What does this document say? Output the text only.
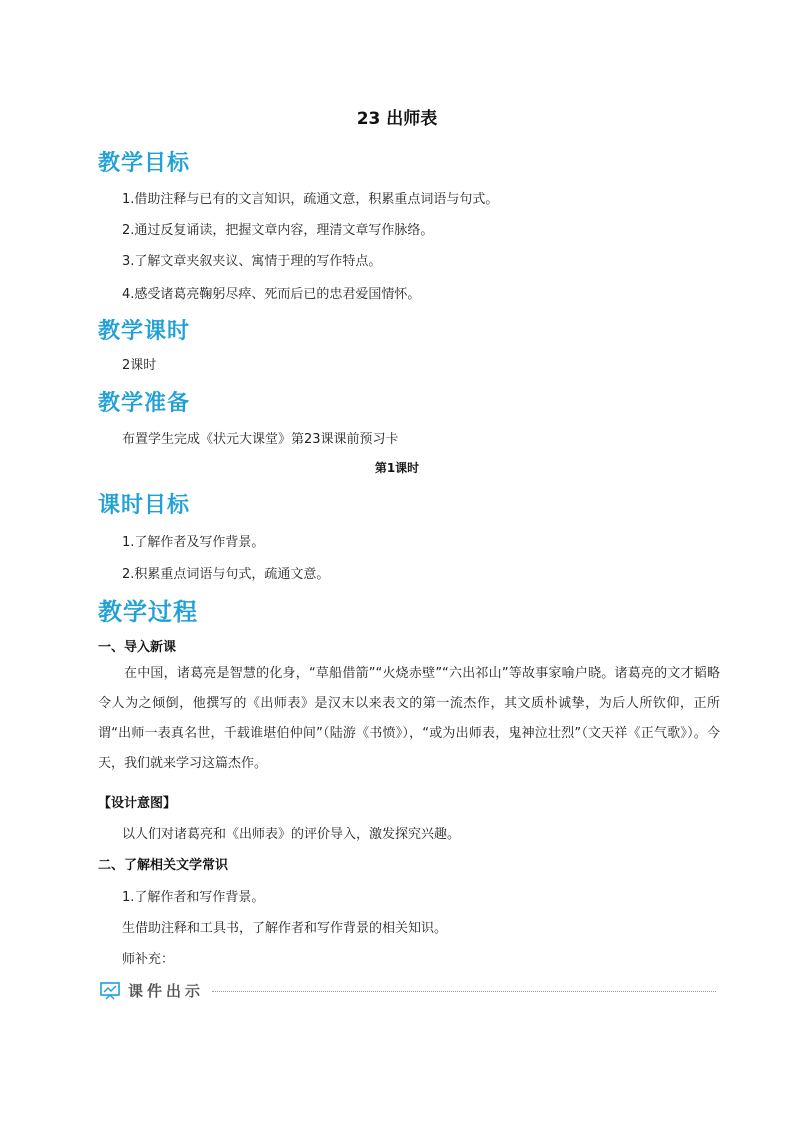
23 出师表
教学目标
1.借助注释与已有的文言知识，疏通文意，积累重点词语与句式。
2.通过反复诵读，把握文章内容，理清文章写作脉络。
3.了解文章夹叙夹议、寓情于理的写作特点。
4.感受诸葛亮鞠躬尽瘁、死而后已的忠君爱国情怀。
教学课时
2课时
教学准备
布置学生完成《状元大课堂》第23课课前预习卡
第1课时
课时目标
1.了解作者及写作背景。
2.积累重点词语与句式，疏通文意。
教学过程
一、导入新课
在中国，诸葛亮是智慧的化身，“草船借箭”“火烧赤壁”“六出祁山”等故事家喻户晓。诸葛亮的文才韬略令人为之倾倒，他撰写的《出师表》是汉末以来表文的第一流杰作，其文质朴诚挚，为后人所钦仰，正所谓“出师一表真名世，千载谁堪伯仲间”（陆游《书愤》），“或为出师表，鬼神泣壮烈”（文天祥《正气歌》）。今天，我们就来学习这篇杰作。
【设计意图】
以人们对诸葛亮和《出师表》的评价导入，激发探究兴趣。
二、了解相关文学常识
1.了解作者和写作背景。
生借助注释和工具书，了解作者和写作背景的相关知识。
师补充：
课件出示
